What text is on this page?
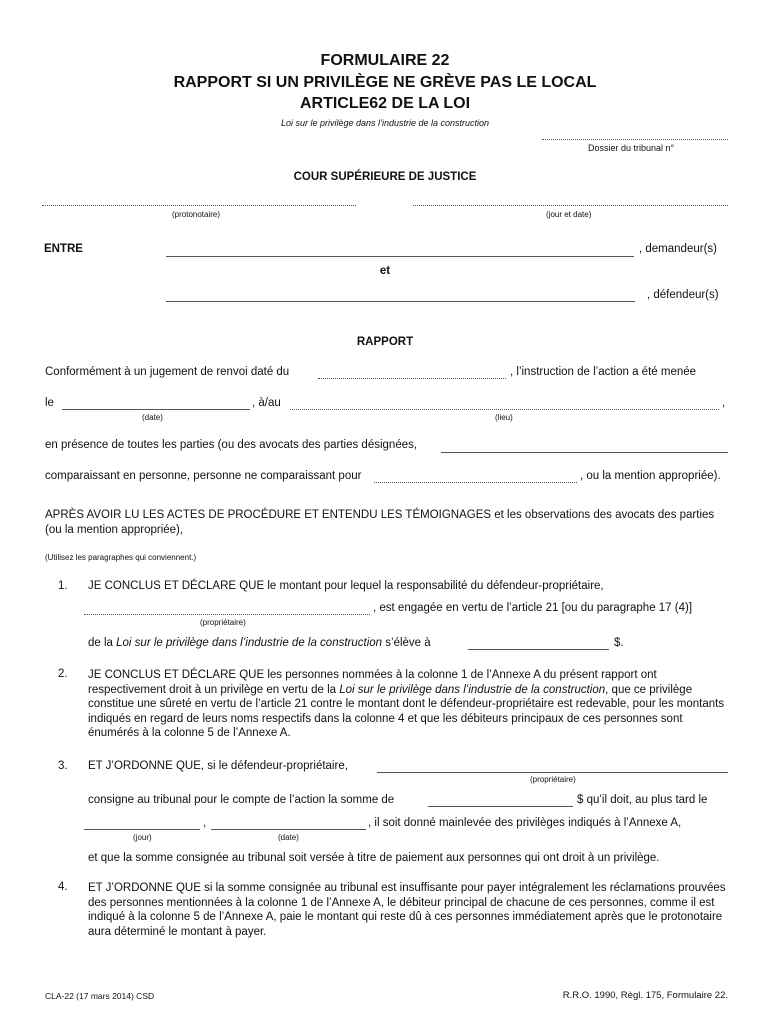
FORMULAIRE 22
RAPPORT SI UN PRIVILÈGE NE GRÈVE PAS LE LOCAL
ARTICLE62 DE LA LOI
Loi sur le privilège dans l’industrie de la construction
Dossier du tribunal n°
COUR SUPÉRIEURE DE JUSTICE
(protonotaire)	(jour et date)
ENTRE	, demandeur(s)
et
, défendeur(s)
RAPPORT
Conformément à un jugement de renvoi daté du	, l’instruction de l’action a été menée
le	, à/au	,
(date)	(lieu)
en présence de toutes les parties (ou des avocats des parties désignées,
comparaissant en personne, personne ne comparaissant pour	, ou la mention appropriée).
APRÈS AVOIR LU LES ACTES DE PROCÉDURE ET ENTENDU LES TÉMOIGNAGES et les observations des avocats des parties (ou la mention appropriée),
(Utilisez les paragraphes qui conviennent.)
1. JE CONCLUS ET DÉCLARE QUE le montant pour lequel la responsabilité du défendeur-propriétaire,
, est engagée en vertu de l’article 21 [ou du paragraphe 17 (4)]
(propriétaire)
de la Loi sur le privilège dans l’industrie de la construction s’élève à	$.
2. JE CONCLUS ET DÉCLARE QUE les personnes nommées à la colonne 1 de l’Annexe A du présent rapport ont respectivement droit à un privilège en vertu de la Loi sur le privilège dans l’industrie de la construction, que ce privilège constitue une sûreté en vertu de l’article 21 contre le montant dont le défendeur-propriétaire est redevable, pour les montants indiqués en regard de leurs noms respectifs dans la colonne 4 et que les débiteurs principaux de ces personnes sont énumérés à la colonne 5 de l’Annexe A.
3. ET J’ORDONNE QUE, si le défendeur-propriétaire,
(propriétaire)
consigne au tribunal pour le compte de l’action la somme de	$ qu’il doit, au plus tard le
,	, il soit donné mainlevée des privilèges indiqués à l’Annexe A,
(jour)	(date)
et que la somme consignée au tribunal soit versée à titre de paiement aux personnes qui ont droit à un privilège.
4. ET J’ORDONNE QUE si la somme consignée au tribunal est insuffisante pour payer intégralement les réclamations prouvées des personnes mentionnées à la colonne 1 de l’Annexe A, le débiteur principal de chacune de ces personnes, comme il est indiqué à la colonne 5 de l’Annexe A, paie le montant qui reste dû à ces personnes immédiatement après que le protonotaire aura déterminé le montant à payer.
CLA-22 (17 mars 2014) CSD	R.R.O. 1990, Règl. 175, Formulaire 22.
